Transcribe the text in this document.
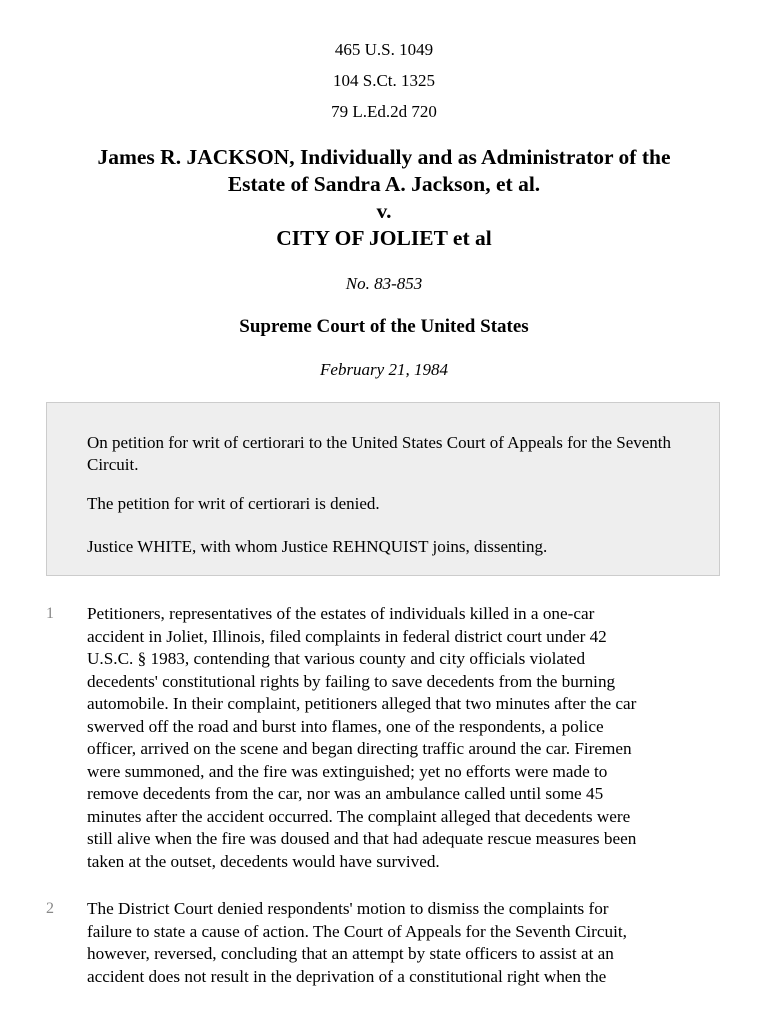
465 U.S. 1049
104 S.Ct. 1325
79 L.Ed.2d 720
James R. JACKSON, Individually and as Administrator of the
Estate of Sandra A. Jackson, et al.
v.
CITY OF JOLIET et al
No. 83-853
Supreme Court of the United States
February 21, 1984

On petition for writ of certiorari to the United States Court of Appeals for the Seventh Circuit.

The petition for writ of certiorari is denied.

Justice WHITE, with whom Justice REHNQUIST joins, dissenting.

1	Petitioners, representatives of the estates of individuals killed in a one-car
accident in Joliet, Illinois, filed complaints in federal district court under 42
U.S.C. § 1983, contending that various county and city officials violated
decedents' constitutional rights by failing to save decedents from the burning
automobile. In their complaint, petitioners alleged that two minutes after the car
swerved off the road and burst into flames, one of the respondents, a police
officer, arrived on the scene and began directing traffic around the car. Firemen
were summoned, and the fire was extinguished; yet no efforts were made to
remove decedents from the car, nor was an ambulance called until some 45
minutes after the accident occurred. The complaint alleged that decedents were
still alive when the fire was doused and that had adequate rescue measures been
taken at the outset, decedents would have survived.
2	The District Court denied respondents' motion to dismiss the complaints for
failure to state a cause of action. The Court of Appeals for the Seventh Circuit,
however, reversed, concluding that an attempt by state officers to assist at an
accident does not result in the deprivation of a constitutional right when the
